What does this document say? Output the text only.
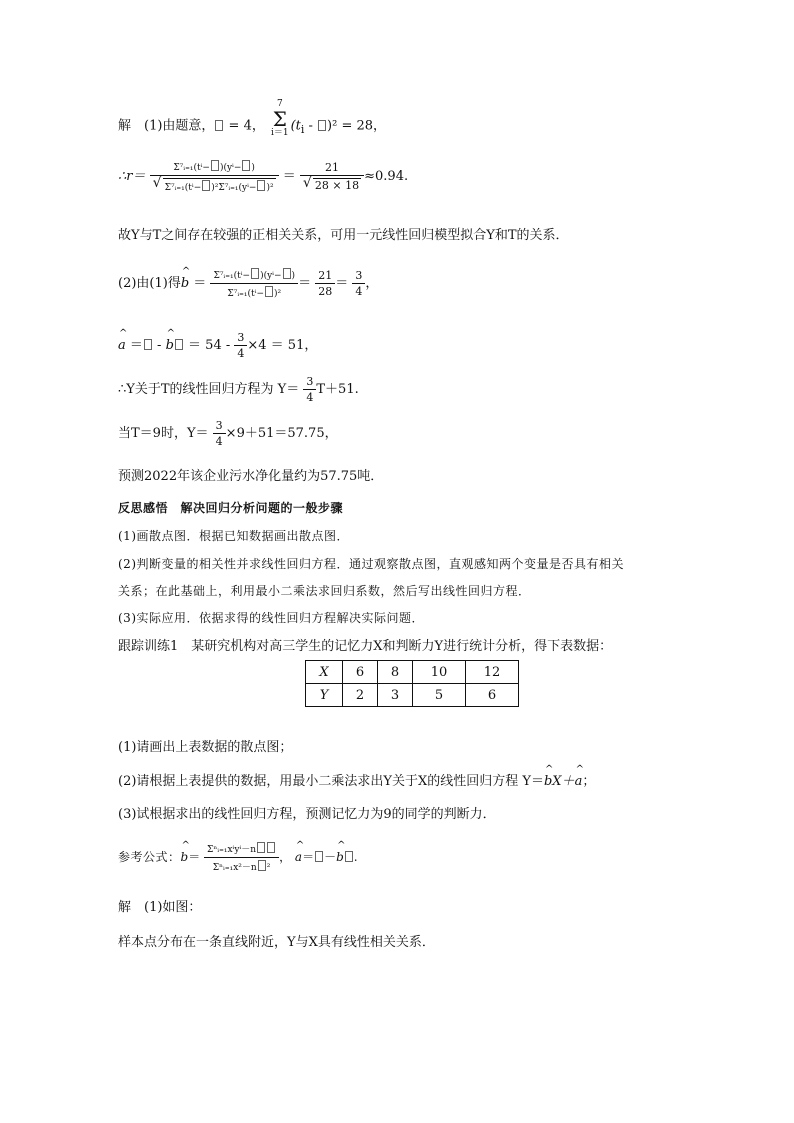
解　(1)由题意， = 4， 7
Σ
i＝1 $(t_i - )^2 = 28$，
∴r＝ Σ⁷ᵢ₌₁(tⁱ− )(yⁱ− )
√ Σ⁷ᵢ₌₁(tⁱ− )²Σ⁷ᵢ₌₁(yⁱ− )² ＝ 21
√ 28 × 18 ≈0.94.
故Y与T之间存在较强的正相关关系，可用一元线性回归模型拟合Y和T的关系．
(2)由(1)得^ $b = \frac{\text{Σ⁷ᵢ₌₁(tⁱ− )(yⁱ− )}}{\text{Σ⁷ᵢ₌₁(tⁱ− )²}} = \frac{21}{28} = \frac{3}{4}$ ，
^ a ＝ - ^ $b = 54 - \frac{3}{4} \times 4 = 51$，
∴Y关于T的线性回归方程为 $Y= \frac{3}{4} T+51$.
当T＝9时，$Y= \frac{3}{4} \times 9+51=57.75$，
预测2022年该企业污水净化量约为57.75吨．
反思感悟　解决回归分析问题的一般步骤
(1)画散点图．根据已知数据画出散点图．
(2)判断变量的相关性并求线性回归方程．通过观察散点图，直观感知两个变量是否具有相关
关系；在此基础上，利用最小二乘法求回归系数，然后写出线性回归方程．
(3)实际应用．依据求得的线性回归方程解决实际问题．
跟踪训练1　某研究机构对高三学生的记忆力X和判断力Y进行统计分析，得下表数据：
X	6	8	10	12
Y	2	3	5	6
(1)请画出上表数据的散点图；
(2)请根据上表提供的数据，用最小二乘法求出Y关于X的线性回归方程 Y＝^ bX＋^ a；
(3)试根据求出的线性回归方程，预测记忆力为9的同学的判断力．
参考公式：^ $b= \frac{\text{Σⁿᵢ₌₁xⁱyⁱ－n}}{\text{Σⁿᵢ₌₁x²－n ²}}$ ， ^ a＝ －^ b .
解　(1)如图：
样本点分布在一条直线附近，Y与X具有线性相关关系．
